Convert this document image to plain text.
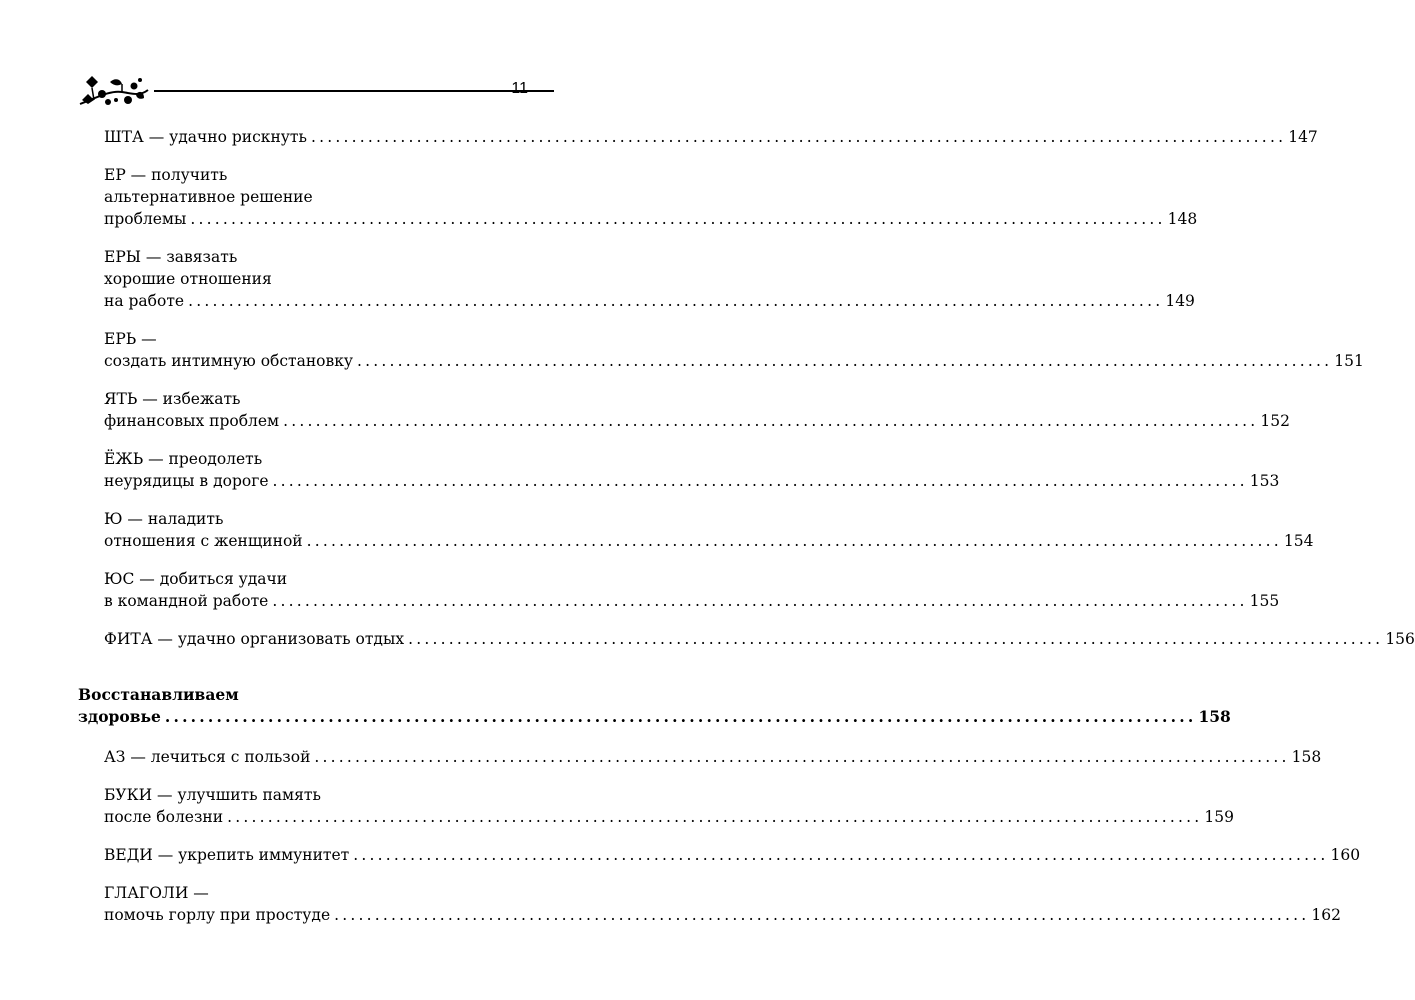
11
ШТА — удачно рискнуть ........................................................................................................................ 147
ЕР — получить
альтернативное решение
проблемы ........................................................................................................................ 148
ЕРЫ — завязать
хорошие отношения
на работе ........................................................................................................................ 149
ЕРЬ —
создать интимную обстановку ........................................................................................................................ 151
ЯТЬ — избежать
финансовых проблем ........................................................................................................................ 152
ЁЖЬ — преодолеть
неурядицы в дороге ........................................................................................................................ 153
Ю — наладить
отношения с женщиной ........................................................................................................................ 154
ЮС — добиться удачи
в командной работе ........................................................................................................................ 155
ФИТА — удачно организовать отдых ........................................................................................................................ 156
Восстанавливаем
здоровье ........................................................................................................................ 158
АЗ — лечиться с пользой ........................................................................................................................ 158
БУКИ — улучшить память
после болезни ........................................................................................................................ 159
ВЕДИ — укрепить иммунитет ........................................................................................................................ 160
ГЛАГОЛИ —
помочь горлу при простуде ........................................................................................................................ 162
